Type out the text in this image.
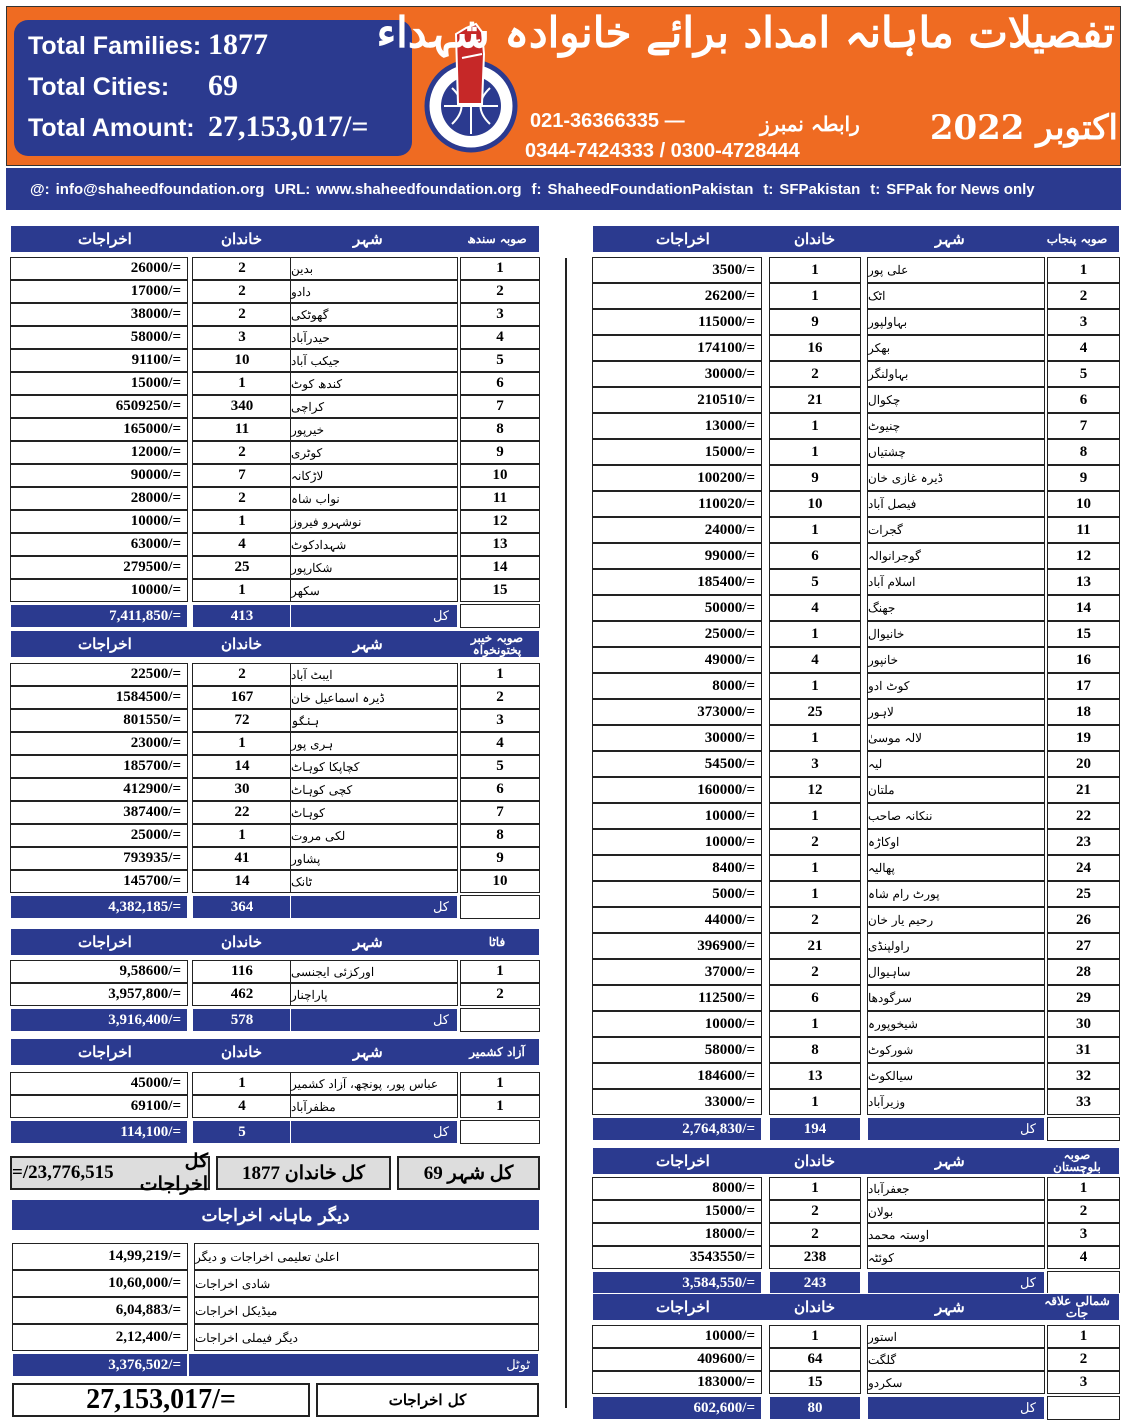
Total Families: 1877
Total Cities:	69
Total Amount: 27,153,017/=
تفصیلات ماہانہ امداد برائے خانوادہ شہداء
021-36366335 —	رابطہ نمبرز
0344-7424333 / 0300-4728444
اکتوبر 2022
@: info@shaheedfoundation.org URL: www.shaheedfoundation.org f: ShaheedFoundationPakistan t: SFPakistan t: SFPak for News only
اخراجات	خاندان	شہر	صوبہ سندھ
26000/=	2	بدین	1
17000/=	2	دادو	2
38000/=	2	گھوٹکی	3
58000/=	3	حیدرآباد	4
91100/=	10	جیکب آباد	5
15000/=	1	کندھ کوٹ	6
6509250/=	340	کراچی	7
165000/=	11	خیرپور	8
12000/=	2	کوٹری	9
90000/=	7	لاڑکانہ	10
28000/=	2	نواب شاہ	11
10000/=	1	نوشہرو فیروز	12
63000/=	4	شہدادکوٹ	13
279500/=	25	شکارپور	14
10000/=	1	سکھر	15
7,411,850/=	413	کل
اخراجات	خاندان	شہر	صوبہ خیبر پختونخواہ
22500/=	2	ایبٹ آباد	1
1584500/=	167	ڈیرہ اسماعیل خان	2
801550/=	72	ہنگو	3
23000/=	1	ہری پور	4
185700/=	14	کچاپکا کوہاٹ	5
412900/=	30	کچی کوہاٹ	6
387400/=	22	کوہاٹ	7
25000/=	1	لکی مروت	8
793935/=	41	پشاور	9
145700/=	14	ٹانک	10
4,382,185/=	364	کل
اخراجات	خاندان	شہر	فاٹا
9,58600/=	116	اورکزئی ایجنسی	1
3,957,800/=	462	پاراچنار	2
3,916,400/=	578	کل
اخراجات	خاندان	شہر	آزاد کشمیر
45000/=	1	عباس پور، پونچھ، آزاد کشمیر	1
69100/=	4	مظفرآباد	1
114,100/=	5	کل
اخراجات	خاندان	شہر	صوبہ پنجاب
3500/=	1	علی پور	1
26200/=	1	اٹک	2
115000/=	9	بہاولپور	3
174100/=	16	بھکر	4
30000/=	2	بہاولنگر	5
210510/=	21	چکوال	6
13000/=	1	چنیوٹ	7
15000/=	1	چشتیاں	8
100200/=	9	ڈیرہ غازی خان	9
110020/=	10	فیصل آباد	10
24000/=	1	گجرات	11
99000/=	6	گوجرانوالہ	12
185400/=	5	اسلام آباد	13
50000/=	4	جھنگ	14
25000/=	1	خانیوال	15
49000/=	4	خانپور	16
8000/=	1	کوٹ ادو	17
373000/=	25	لاہور	18
30000/=	1	لالہ موسیٰ	19
54500/=	3	لیہ	20
160000/=	12	ملتان	21
10000/=	1	ننکانہ صاحب	22
10000/=	2	اوکاڑہ	23
8400/=	1	پھالیہ	24
5000/=	1	پورٹ رام شاہ	25
44000/=	2	رحیم یار خان	26
396900/=	21	راولپنڈی	27
37000/=	2	ساہیوال	28
112500/=	6	سرگودھا	29
10000/=	1	شیخوپورہ	30
58000/=	8	شورکوٹ	31
184600/=	13	سیالکوٹ	32
33000/=	1	وزیرآباد	33
2,764,830/=	194	کل
اخراجات	خاندان	شہر	صوبہ بلوچستان
8000/=	1	جعفرآباد	1
15000/=	2	بولان	2
18000/=	2	اوستہ محمد	3
3543550/=	238	کوئٹہ	4
3,584,550/=	243	کل
اخراجات	خاندان	شہر	شمالی علاقہ جات
10000/=	1	استور	1
409600/=	64	گلگت	2
183000/=	15	سکردو	3
602,600/=	80	کل
کل اخراجات

23,776,515/=	کل خاندان 1877	کل شہر 69
دیگر ماہانہ اخراجات
14,99,219/=	اعلیٰ تعلیمی اخراجات و دیگر
10,60,000/=	شادی اخراجات
6,04,883/=	میڈیکل اخراجات
2,12,400/=	دیگر فیملی اخراجات
3,376,502/=	ٹوٹل
27,153,017/=	کل اخراجات
